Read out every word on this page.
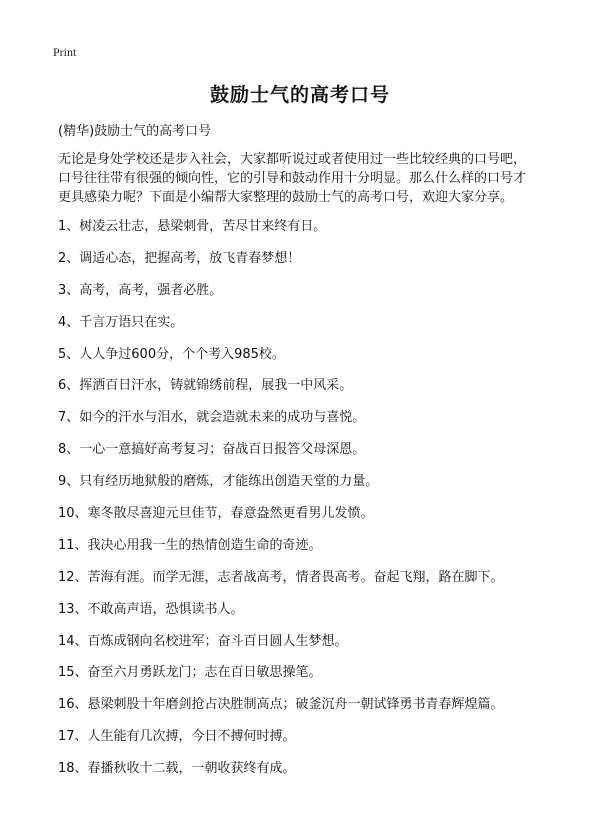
Print
鼓励士气的高考口号
(精华)鼓励士气的高考口号
无论是身处学校还是步入社会，大家都听说过或者使用过一些比较经典的口号吧，
口号往往带有很强的倾向性，它的引导和鼓动作用十分明显。那么什么样的口号才
更具感染力呢？下面是小编帮大家整理的鼓励士气的高考口号，欢迎大家分享。
1、树凌云壮志，悬梁刺骨，苦尽甘来终有日。
2、调适心态，把握高考，放飞青春梦想！
3、高考，高考，强者必胜。
4、千言万语只在实。
5、人人争过600分，个个考入985校。
6、挥洒百日汗水，铸就锦绣前程，展我一中风采。
7、如今的汗水与泪水，就会造就未来的成功与喜悦。
8、一心一意搞好高考复习；奋战百日报答父母深恩。
9、只有经历地狱般的磨炼，才能练出创造天堂的力量。
10、寒冬散尽喜迎元旦佳节，春意盎然更看男儿发愤。
11、我决心用我一生的热情创造生命的奇迹。
12、苦海有涯。而学无涯，志者战高考，情者畏高考。奋起飞翔，路在脚下。
13、不敢高声语，恐惧读书人。
14、百炼成钢向名校进军；奋斗百日圆人生梦想。
15、奋至六月勇跃龙门；志在百日敏思操笔。
16、悬梁刺股十年磨剑抢占决胜制高点；破釜沉舟一朝试锋勇书青春辉煌篇。
17、人生能有几次搏，今日不搏何时搏。
18、春播秋收十二载，一朝收获终有成。
